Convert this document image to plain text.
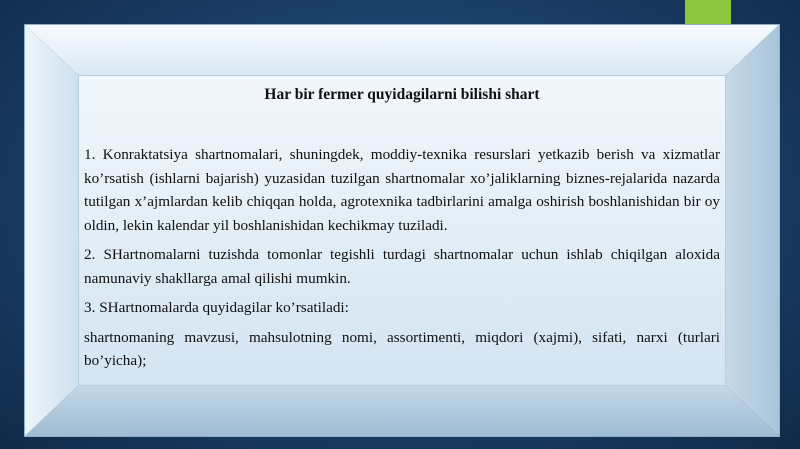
Har bir fermer quyidagilarni bilishi shart

1. Konraktatsiya shartnomalari, shuningdek, moddiy-texnika resurslari yetkazib berish va xizmatlar ko’rsatish (ishlarni bajarish) yuzasidan tuzilgan shartnomalar xo’jaliklarning biznes-rejalarida nazarda tutilgan x’ajmlardan kelib chiqqan holda, agrotexnika tadbirlarini amalga oshirish boshlanishidan bir oy oldin, lekin kalendar yil boshlanishidan kechikmay tuziladi.

2. SHartnomalarni tuzishda tomonlar tegishli turdagi shartnomalar uchun ishlab chiqilgan aloxida namunaviy shakllarga amal qilishi mumkin.

3. SHartnomalarda quyidagilar ko’rsatiladi:

shartnomaning mavzusi, mahsulotning nomi, assortimenti, miqdori (xajmi), sifati, narxi (turlari bo’yicha);
